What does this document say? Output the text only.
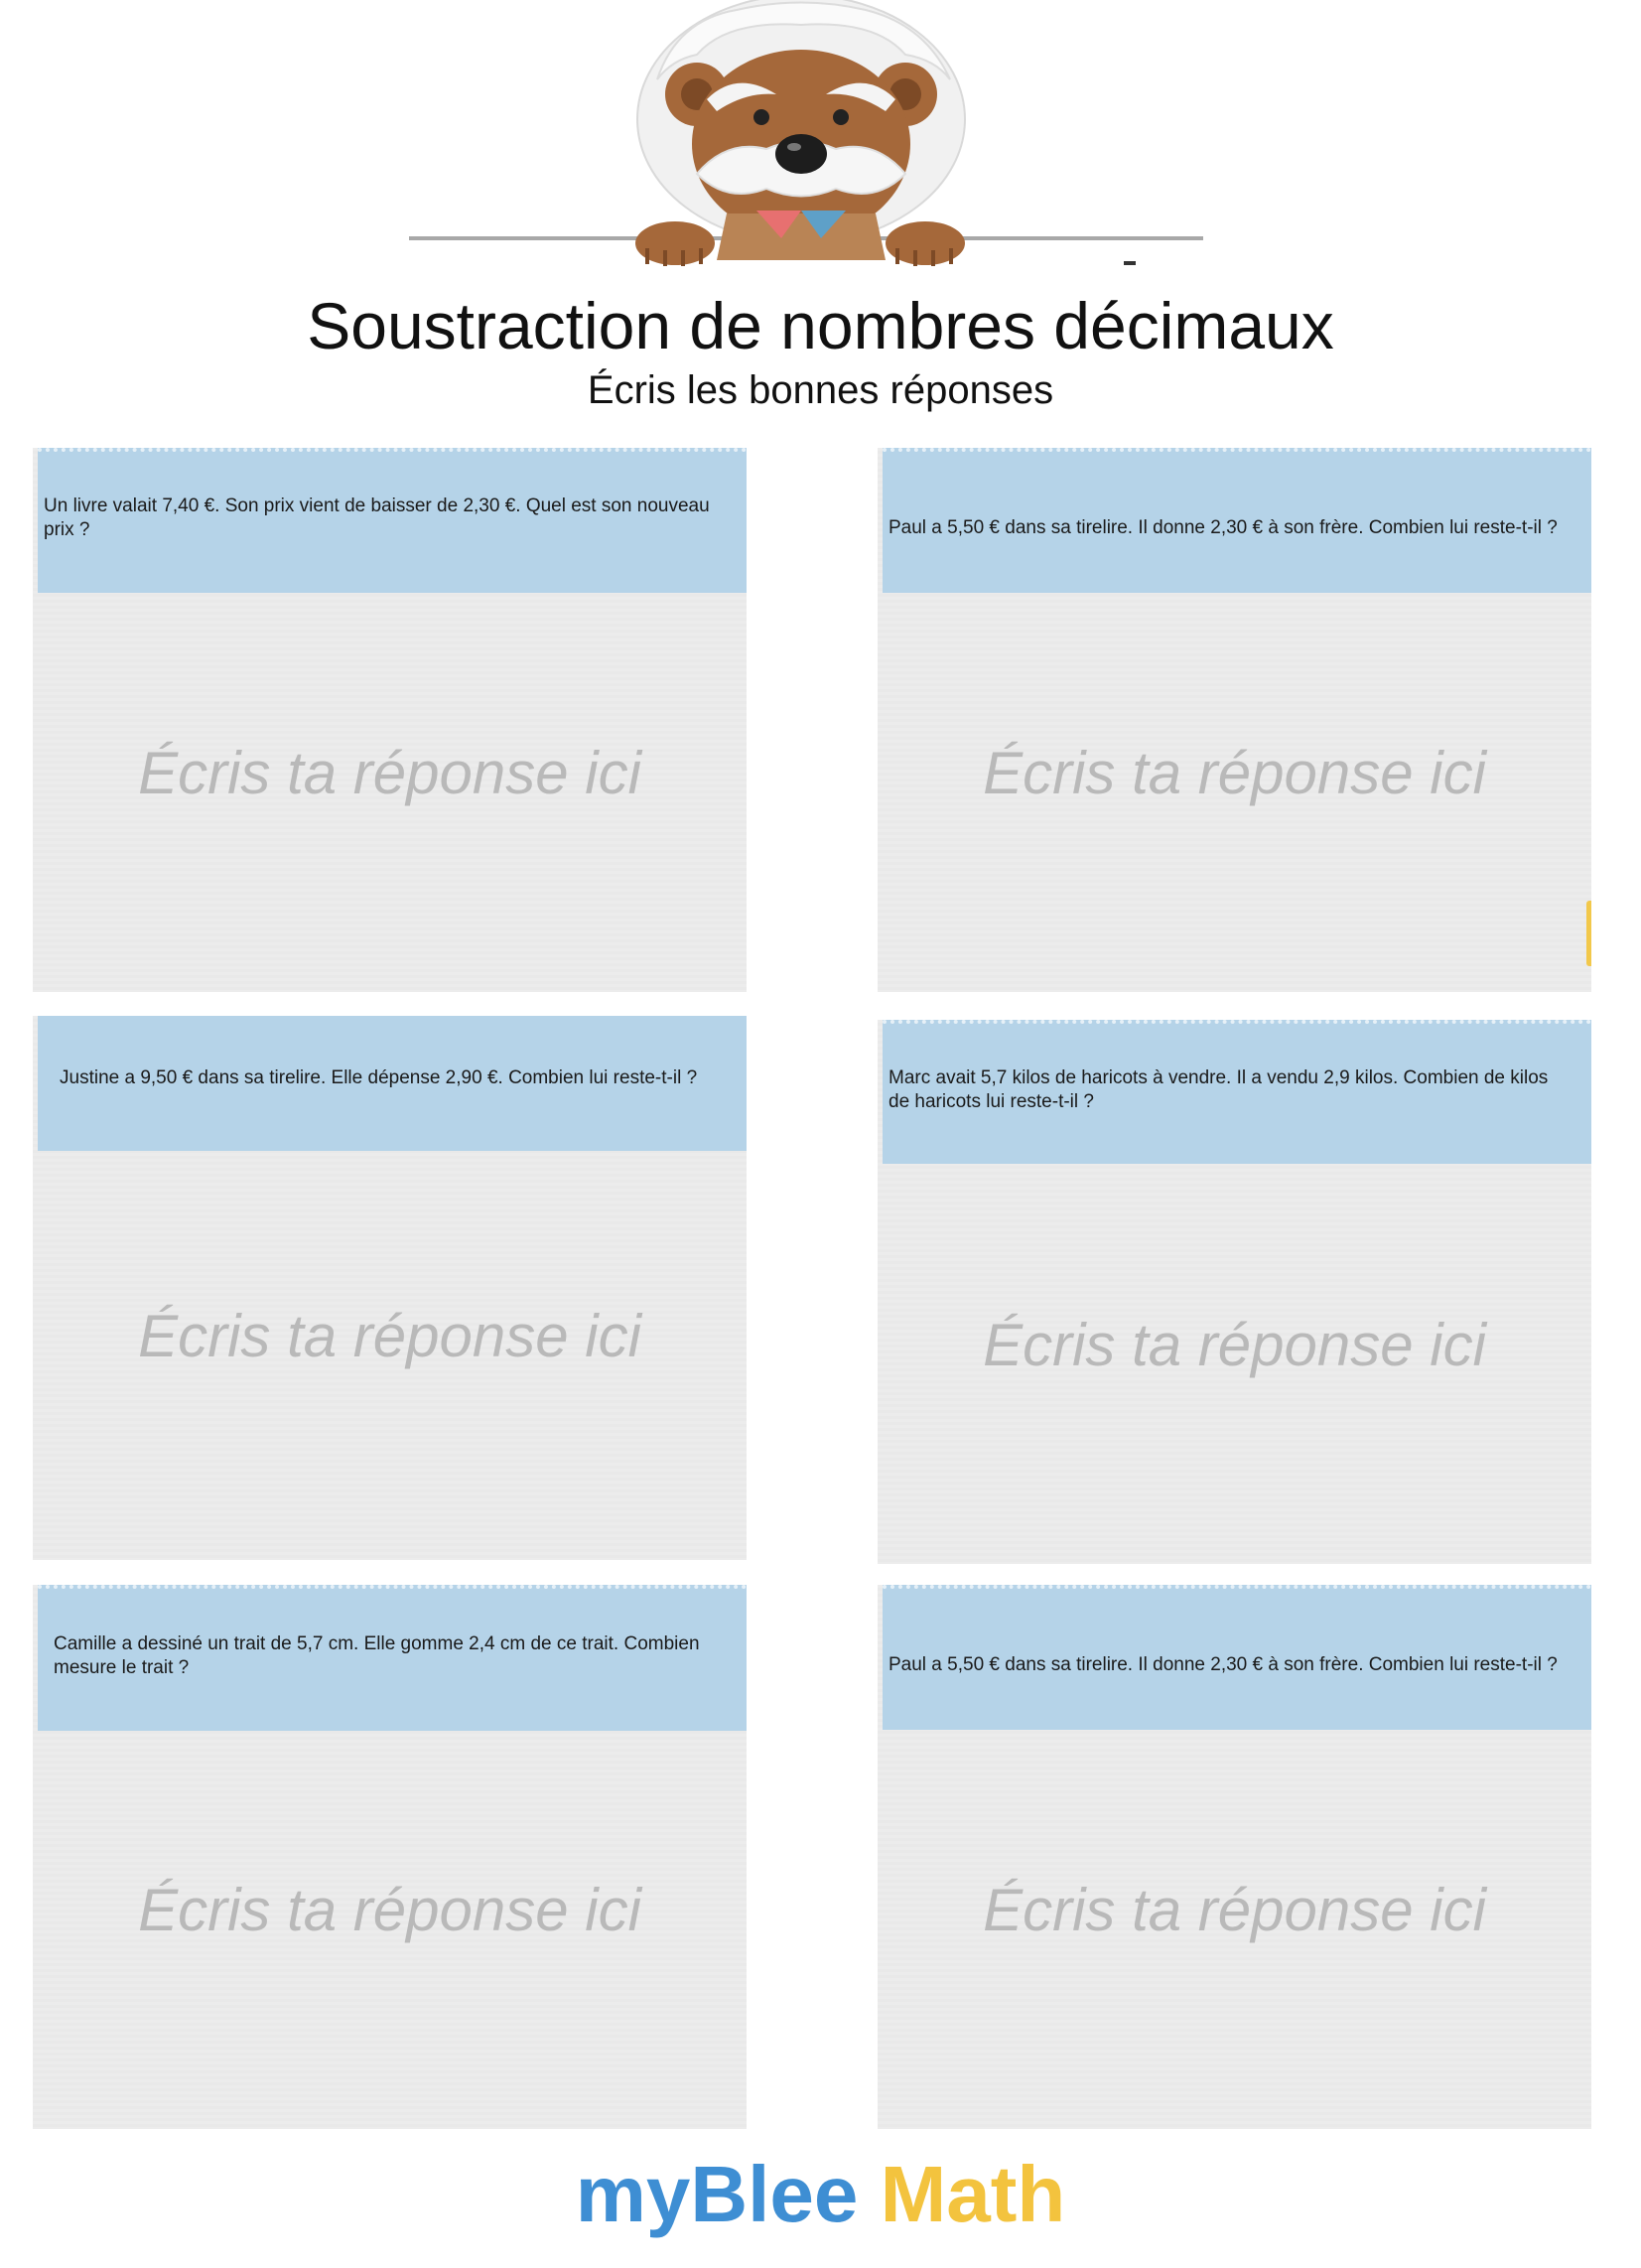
Soustraction de nombres décimaux
Écris les bonnes réponses
Un livre valait 7,40 €. Son prix vient de baisser de 2,30 €. Quel est son nouveau
prix ?
Écris ta réponse ici
Paul a 5,50 € dans sa tirelire. Il donne 2,30 € à son frère. Combien lui reste-t-il ?
Écris ta réponse ici
Justine a 9,50 € dans sa tirelire. Elle dépense 2,90 €. Combien lui reste-t-il ?
Écris ta réponse ici
Marc avait 5,7 kilos de haricots à vendre. Il a vendu 2,9 kilos. Combien de kilos
de haricots lui reste-t-il ?
Écris ta réponse ici
Camille a dessiné un trait de 5,7 cm. Elle gomme 2,4 cm de ce trait. Combien
mesure le trait ?
Écris ta réponse ici
Paul a 5,50 € dans sa tirelire. Il donne 2,30 € à son frère. Combien lui reste-t-il ?
Écris ta réponse ici
myBlee Math
